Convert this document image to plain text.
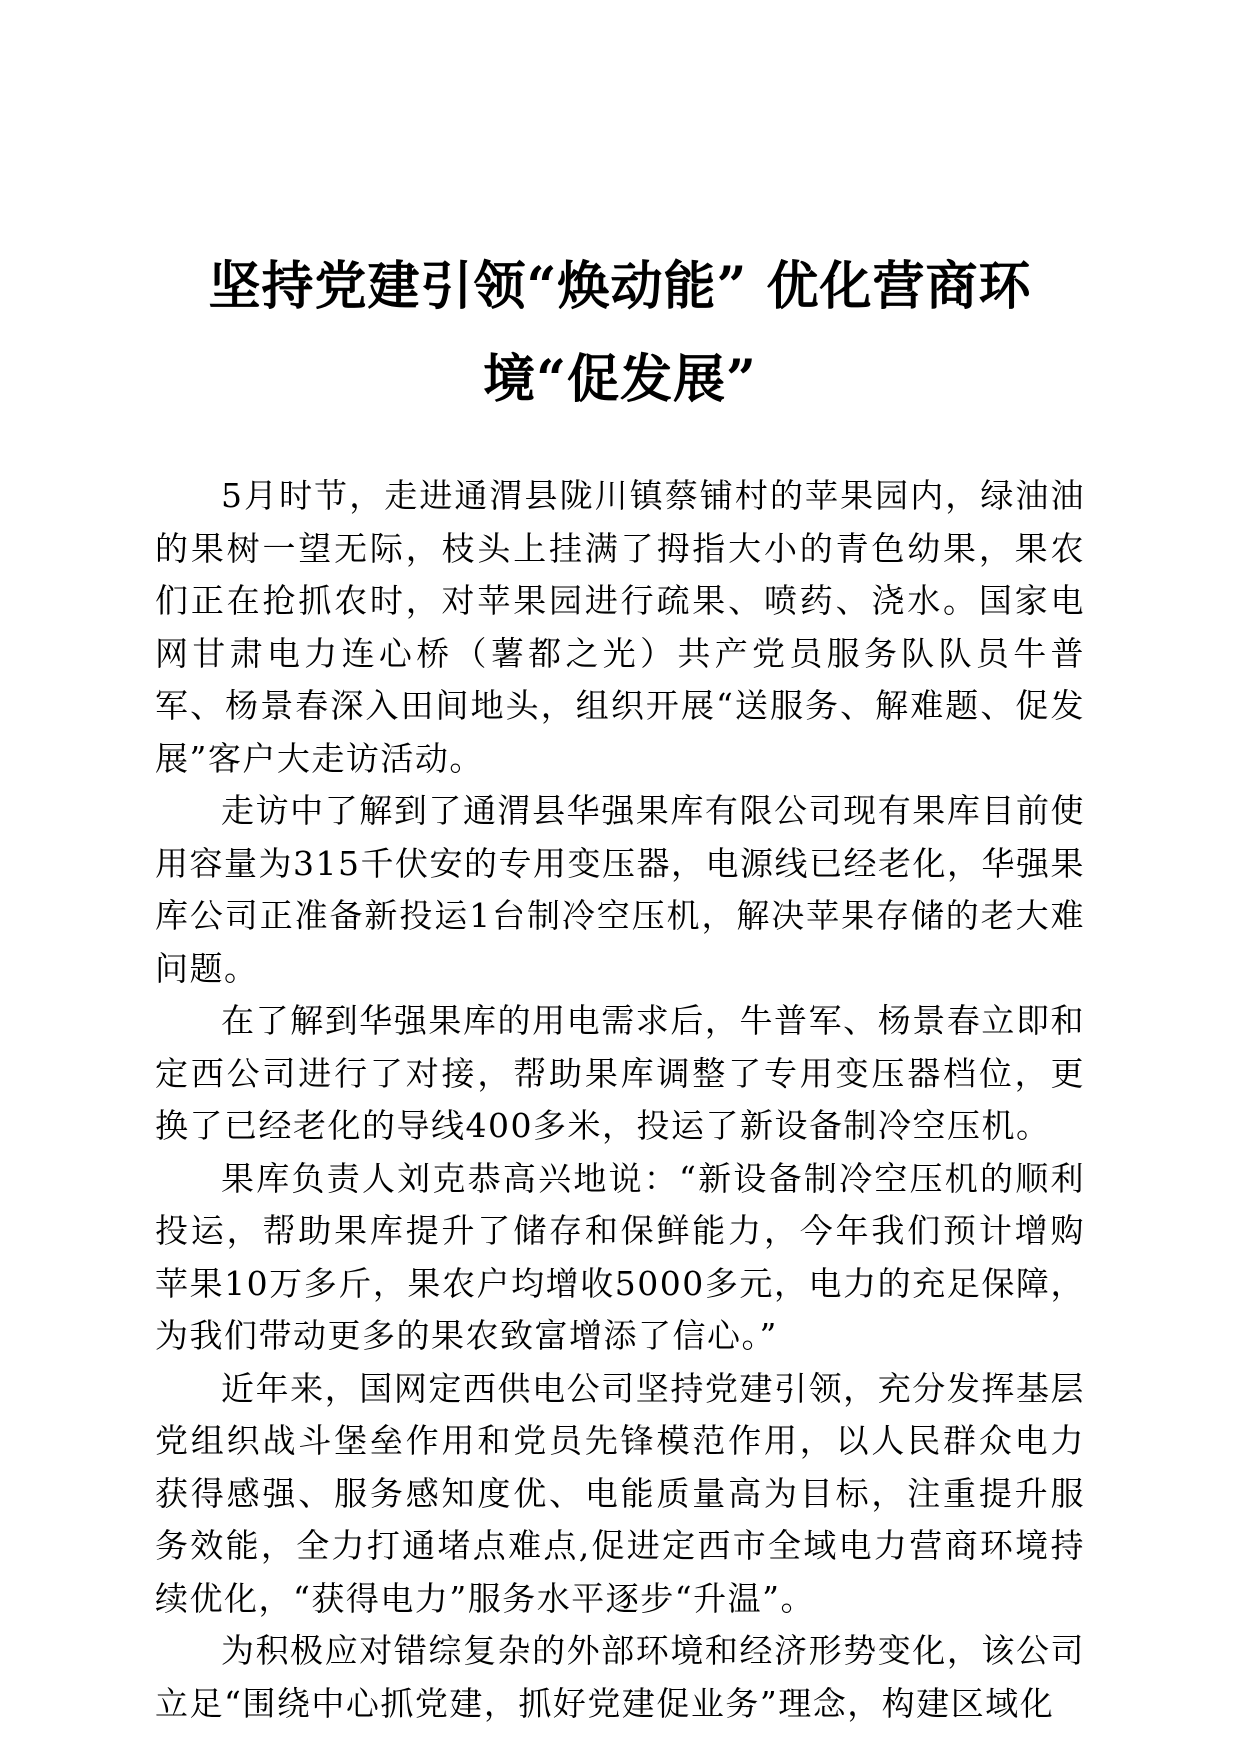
坚持党建引领“焕动能” 优化营商环境“促发展”

5月时节，走进通渭县陇川镇蔡铺村的苹果园内，绿油油的果树一望无际，枝头上挂满了拇指大小的青色幼果，果农们正在抢抓农时，对苹果园进行疏果、喷药、浇水。国家电网甘肃电力连心桥（薯都之光）共产党员服务队队员牛普军、杨景春深入田间地头，组织开展“送服务、解难题、促发展”客户大走访活动。

走访中了解到了通渭县华强果库有限公司现有果库目前使用容量为315千伏安的专用变压器，电源线已经老化，华强果库公司正准备新投运1台制冷空压机，解决苹果存储的老大难问题。

在了解到华强果库的用电需求后，牛普军、杨景春立即和定西公司进行了对接，帮助果库调整了专用变压器档位，更换了已经老化的导线400多米，投运了新设备制冷空压机。

果库负责人刘克恭高兴地说：“新设备制冷空压机的顺利投运，帮助果库提升了储存和保鲜能力，今年我们预计增购苹果10万多斤，果农户均增收5000多元，电力的充足保障，为我们带动更多的果农致富增添了信心。”

近年来，国网定西供电公司坚持党建引领，充分发挥基层党组织战斗堡垒作用和党员先锋模范作用，以人民群众电力获得感强、服务感知度优、电能质量高为目标，注重提升服务效能，全力打通堵点难点,促进定西市全域电力营商环境持续优化，“获得电力”服务水平逐步“升温”。

为积极应对错综复杂的外部环境和经济形势变化，该公司立足“围绕中心抓党建，抓好党建促业务”理念，构建区域化
